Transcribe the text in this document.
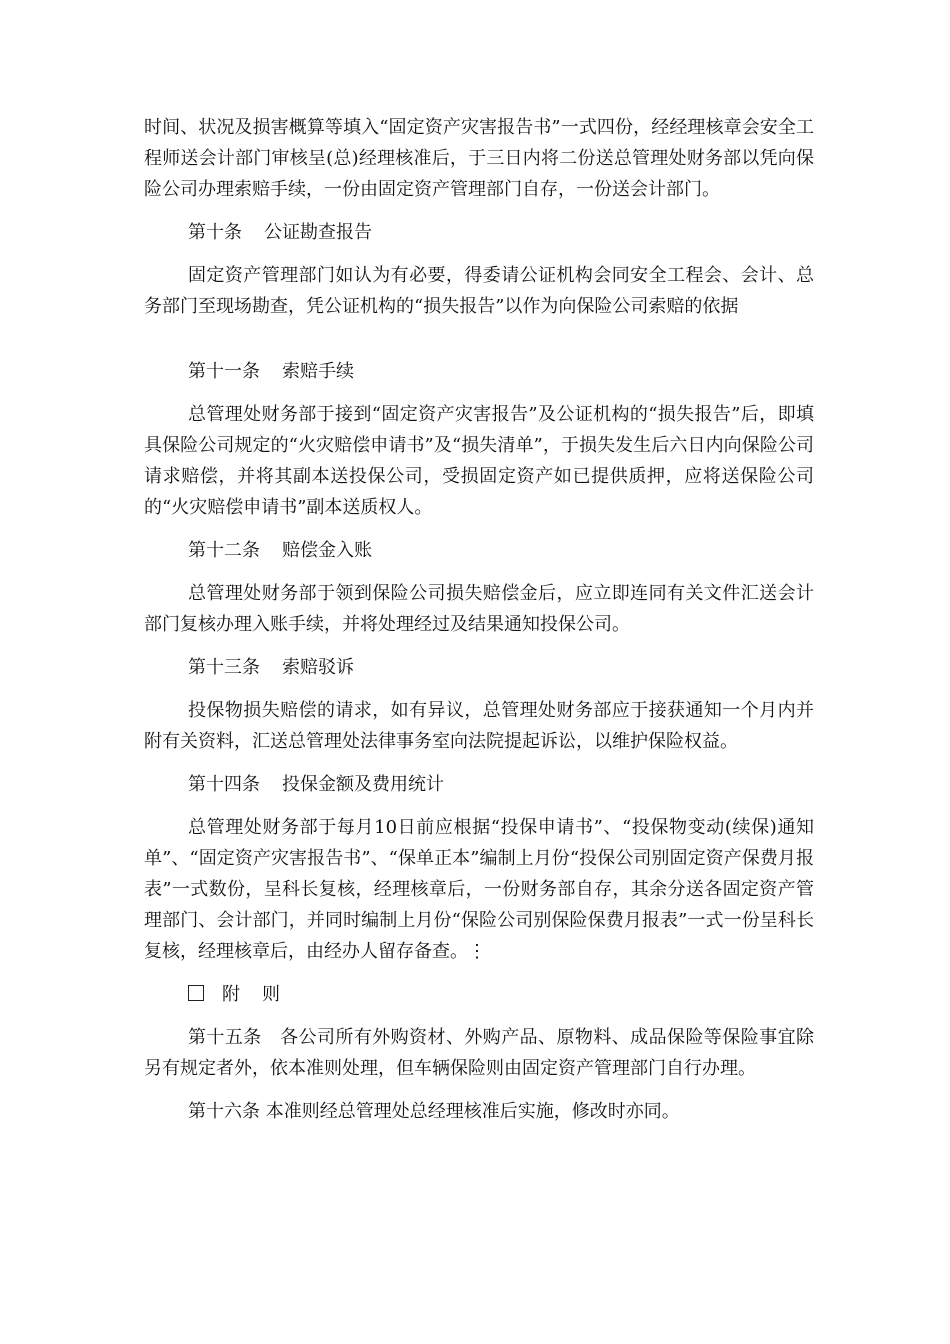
时间、状况及损害概算等填入“固定资产灾害报告书”一式四份，经经理核章会安全工程师送会计部门审核呈(总)经理核准后，于三日内将二份送总管理处财务部以凭向保险公司办理索赔手续，一份由固定资产管理部门自存，一份送会计部门。

第十条 公证勘查报告

固定资产管理部门如认为有必要，得委请公证机构会同安全工程会、会计、总务部门至现场勘查，凭公证机构的“损失报告”以作为向保险公司索赔的依据

第十一条 索赔手续

总管理处财务部于接到“固定资产灾害报告”及公证机构的“损失报告”后，即填具保险公司规定的“火灾赔偿申请书”及“损失清单”，于损失发生后六日内向保险公司请求赔偿，并将其副本送投保公司，受损固定资产如已提供质押，应将送保险公司的“火灾赔偿申请书”副本送质权人。

第十二条 赔偿金入账

总管理处财务部于领到保险公司损失赔偿金后，应立即连同有关文件汇送会计部门复核办理入账手续，并将处理经过及结果通知投保公司。

第十三条 索赔驳诉

投保物损失赔偿的请求，如有异议，总管理处财务部应于接获通知一个月内并附有关资料，汇送总管理处法律事务室向法院提起诉讼，以维护保险权益。

第十四条 投保金额及费用统计

总管理处财务部于每月10日前应根据“投保申请书”、“投保物变动(续保)通知单”、“固定资产灾害报告书”、“保单正本”编制上月份“投保公司别固定资产保费月报表”一式数份，呈科长复核，经理核章后，一份财务部自存，其余分送各固定资产管理部门、会计部门，并同时编制上月份“保险公司别保险保费月报表”一式一份呈科长复核，经理核章后，由经办人留存备查。⋮

附则

第十五条　各公司所有外购资材、外购产品、原物料、成品保险等保险事宜除另有规定者外，依本准则处理，但车辆保险则由固定资产管理部门自行办理。

第十六条 本准则经总管理处总经理核准后实施，修改时亦同。
